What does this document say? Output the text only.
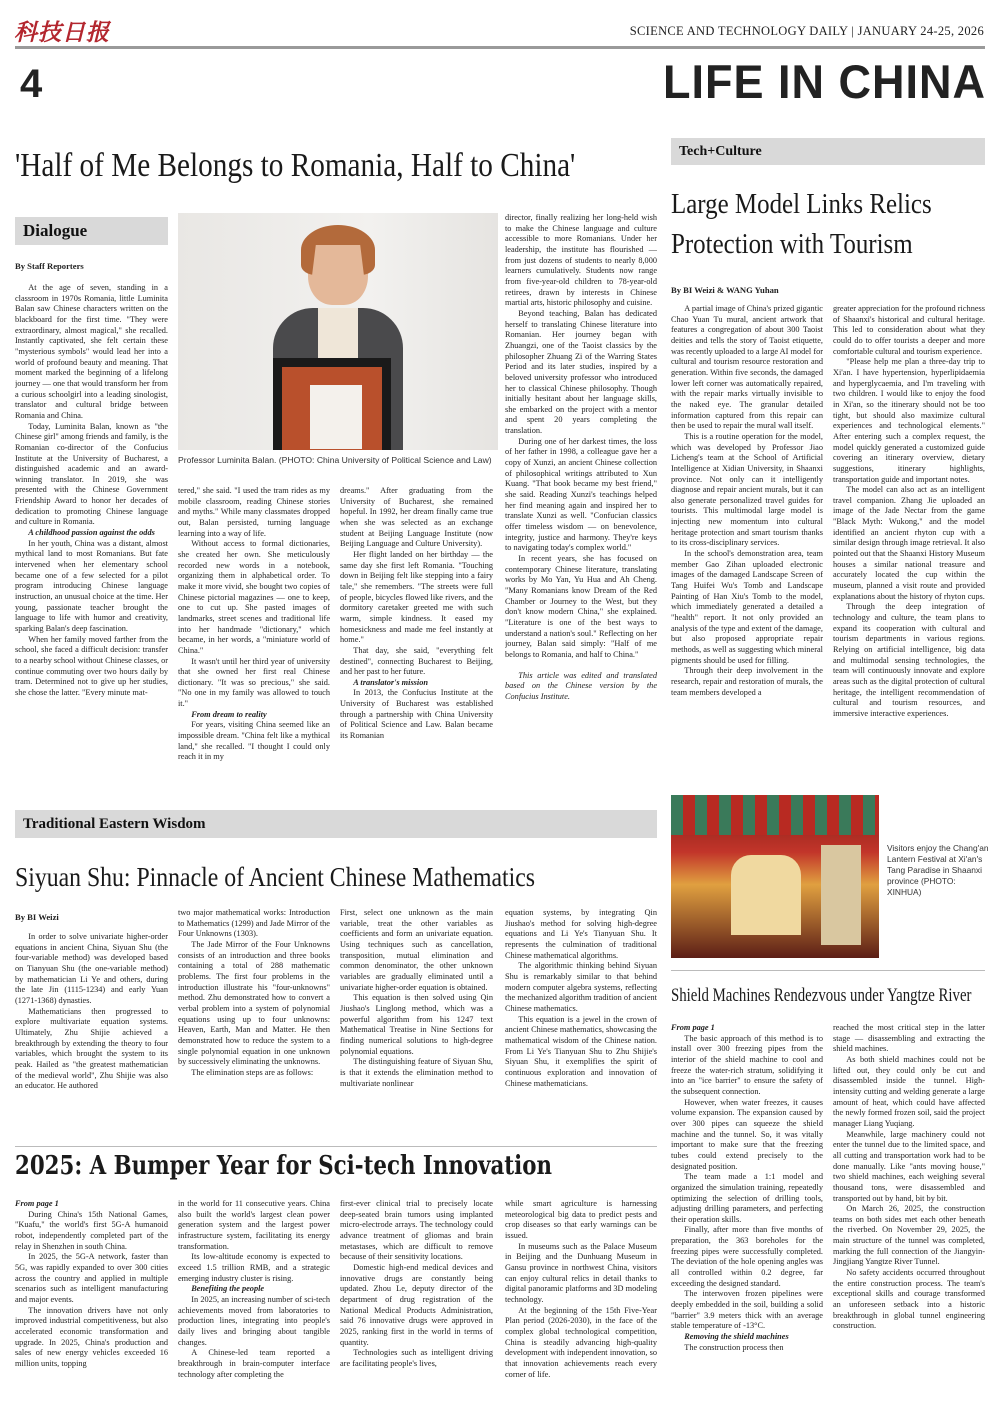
科技日报	SCIENCE AND TECHNOLOGY DAILY | JANUARY 24-25, 2026
4	LIFE IN CHINA
'Half of Me Belongs to Romania, Half to China'
Dialogue
By Staff Reporters
Professor Luminita Balan. (PHOTO: China University of Political Science and Law)

At the age of seven, standing in a classroom in 1970s Romania, little Luminita Balan saw Chinese characters written on the blackboard for the first time. "They were extraordinary, almost magical," she recalled. Instantly captivated, she felt certain these "mysterious symbols" would lead her into a world of profound beauty and meaning. That moment marked the beginning of a lifelong journey — one that would transform her from a curious schoolgirl into a leading sinologist, translator and cultural bridge between Romania and China.

Today, Luminita Balan, known as "the Chinese girl" among friends and family, is the Romanian co-director of the Confucius Institute at the University of Bucharest, a distinguished academic and an award-winning translator. In 2019, she was presented with the Chinese Government Friendship Award to honor her decades of dedication to promoting Chinese language and culture in Romania.

A childhood passion against the odds

In her youth, China was a distant, almost mythical land to most Romanians. But fate intervened when her elementary school became one of a few selected for a pilot program introducing Chinese language instruction, an unusual choice at the time. Her young, passionate teacher brought the language to life with humor and creativity, sparking Balan's deep fascination.

When her family moved farther from the school, she faced a difficult decision: transfer to a nearby school without Chinese classes, or continue commuting over two hours daily by tram. Determined not to give up her studies, she chose the latter. "Every minute mat-

tered," she said. "I used the tram rides as my mobile classroom, reading Chinese stories and myths." While many classmates dropped out, Balan persisted, turning language learning into a way of life.

Without access to formal dictionaries, she created her own. She meticulously recorded new words in a notebook, organizing them in alphabetical order. To make it more vivid, she bought two copies of Chinese pictorial magazines — one to keep, one to cut up. She pasted images of landmarks, street scenes and traditional life into her handmade "dictionary," which became, in her words, a "miniature world of China."

It wasn't until her third year of university that she owned her first real Chinese dictionary. "It was so precious," she said. "No one in my family was allowed to touch it."

From dream to reality

For years, visiting China seemed like an impossible dream. "China felt like a mythical land," she recalled. "I thought I could only reach it in my

dreams." After graduating from the University of Bucharest, she remained hopeful. In 1992, her dream finally came true when she was selected as an exchange student at Beijing Language Institute (now Beijing Language and Culture University).

Her flight landed on her birthday — the same day she first left Romania. "Touching down in Beijing felt like stepping into a fairy tale," she remembers. "The streets were full of people, bicycles flowed like rivers, and the dormitory caretaker greeted me with such warm, simple kindness. It eased my homesickness and made me feel instantly at home."

That day, she said, "everything felt destined", connecting Bucharest to Beijing, and her past to her future.

A translator's mission

In 2013, the Confucius Institute at the University of Bucharest was established through a partnership with China University of Political Science and Law. Balan became its Romanian

director, finally realizing her long-held wish to make the Chinese language and culture accessible to more Romanians. Under her leadership, the institute has flourished — from just dozens of students to nearly 8,000 learners cumulatively. Students now range from five-year-old children to 78-year-old retirees, drawn by interests in Chinese martial arts, historic philosophy and cuisine.

Beyond teaching, Balan has dedicated herself to translating Chinese literature into Romanian. Her journey began with Zhuangzi, one of the Taoist classics by the philosopher Zhuang Zi of the Warring States Period and its later studies, inspired by a beloved university professor who introduced her to classical Chinese philosophy. Though initially hesitant about her language skills, she embarked on the project with a mentor and spent 20 years completing the translation.

During one of her darkest times, the loss of her father in 1998, a colleague gave her a copy of Xunzi, an ancient Chinese collection of philosophical writings attributed to Xun Kuang. "That book became my best friend," she said. Reading Xunzi's teachings helped her find meaning again and inspired her to translate Xunzi as well. "Confucian classics offer timeless wisdom — on benevolence, integrity, justice and harmony. They're keys to navigating today's complex world."

In recent years, she has focused on contemporary Chinese literature, translating works by Mo Yan, Yu Hua and Ah Cheng. "Many Romanians know Dream of the Red Chamber or Journey to the West, but they don't know modern China," she explained. "Literature is one of the best ways to understand a nation's soul." Reflecting on her journey, Balan said simply: "Half of me belongs to Romania, and half to China."

This article was edited and translated based on the Chinese version by the Confucius Institute.

Tech+Culture
Large Model Links Relics Protection with Tourism
By BI Weizi & WANG Yuhan

A partial image of China's prized gigantic Chao Yuan Tu mural, ancient artwork that features a congregation of about 300 Taoist deities and tells the story of Taoist etiquette, was recently uploaded to a large AI model for cultural and tourism resource restoration and generation. Within five seconds, the damaged lower left corner was automatically repaired, with the repair marks virtually invisible to the naked eye. The granular detailed information captured from this repair can then be used to repair the mural wall itself.

This is a routine operation for the model, which was developed by Professor Jiao Licheng's team at the School of Artificial Intelligence at Xidian University, in Shaanxi province. Not only can it intelligently diagnose and repair ancient murals, but it can also generate personalized travel guides for tourists. This multimodal large model is injecting new momentum into cultural heritage protection and smart tourism thanks to its cross-disciplinary services.

In the school's demonstration area, team member Gao Zihan uploaded electronic images of the damaged Landscape Screen of Tang Huifei Wu's Tomb and Landscape Painting of Han Xiu's Tomb to the model, which immediately generated a detailed a "health" report. It not only provided an analysis of the type and extent of the damage, but also proposed appropriate repair methods, as well as suggesting which mineral pigments should be used for filling.

Through their deep involvement in the research, repair and restoration of murals, the team members developed a

greater appreciation for the profound richness of Shaanxi's historical and cultural heritage. This led to consideration about what they could do to offer tourists a deeper and more comfortable cultural and tourism experience.

"Please help me plan a three-day trip to Xi'an. I have hypertension, hyperlipidaemia and hyperglycaemia, and I'm traveling with two children. I would like to enjoy the food in Xi'an, so the itinerary should not be too tight, but should also maximize cultural experiences and technological elements." After entering such a complex request, the model quickly generated a customized guide covering an itinerary overview, dietary suggestions, itinerary highlights, transportation guide and important notes.

The model can also act as an intelligent travel companion. Zhang Jie uploaded an image of the Jade Nectar from the game "Black Myth: Wukong," and the model identified an ancient rhyton cup with a similar design through image retrieval. It also pointed out that the Shaanxi History Museum houses a similar national treasure and accurately located the cup within the museum, planned a visit route and provided explanations about the history of rhyton cups.

Through the deep integration of technology and culture, the team plans to expand its cooperation with cultural and tourism departments in various regions. Relying on artificial intelligence, big data and multimodal sensing technologies, the team will continuously innovate and explore areas such as the digital protection of cultural heritage, the intelligent recommendation of cultural and tourism resources, and immersive interactive experiences.

Visitors enjoy the Chang'an Lantern Festival at Xi'an's Tang Paradise in Shaanxi province (PHOTO: XINHUA)
Traditional Eastern Wisdom
Siyuan Shu: Pinnacle of Ancient Chinese Mathematics
By BI Weizi

In order to solve univariate higher-order equations in ancient China, Siyuan Shu (the four-variable method) was developed based on Tianyuan Shu (the one-variable method) by mathematician Li Ye and others, during the late Jin (1115-1234) and early Yuan (1271-1368) dynasties.

Mathematicians then progressed to explore multivariate equation systems. Ultimately, Zhu Shijie achieved a breakthrough by extending the theory to four variables, which brought the system to its peak. Hailed as "the greatest mathematician of the medieval world", Zhu Shijie was also an educator. He authored

two major mathematical works: Introduction to Mathematics (1299) and Jade Mirror of the Four Unknowns (1303).

The Jade Mirror of the Four Unknowns consists of an introduction and three books containing a total of 288 mathematic problems. The first four problems in the introduction illustrate his "four-unknowns" method. Zhu demonstrated how to convert a verbal problem into a system of polynomial equations using up to four unknowns: Heaven, Earth, Man and Matter. He then demonstrated how to reduce the system to a single polynomial equation in one unknown by successively eliminating the unknowns.

The elimination steps are as follows:

First, select one unknown as the main variable, treat the other variables as coefficients and form an univariate equation. Using techniques such as cancellation, transposition, mutual elimination and common denominator, the other unknown variables are gradually eliminated until a univariate higher-order equation is obtained.

This equation is then solved using Qin Jiushao's Linglong method, which was a powerful algorithm from his 1247 text Mathematical Treatise in Nine Sections for finding numerical solutions to high-degree polynomial equations.

The distinguishing feature of Siyuan Shu, is that it extends the elimination method to multivariate nonlinear

equation systems, by integrating Qin Jiushao's method for solving high-degree equations and Li Ye's Tianyuan Shu. It represents the culmination of traditional Chinese mathematical algorithms.

The algorithmic thinking behind Siyuan Shu is remarkably similar to that behind modern computer algebra systems, reflecting the mechanized algorithm tradition of ancient Chinese mathematics.

This equation is a jewel in the crown of ancient Chinese mathematics, showcasing the mathematical wisdom of the Chinese nation. From Li Ye's Tianyuan Shu to Zhu Shijie's Siyuan Shu, it exemplifies the spirit of continuous exploration and innovation of Chinese mathematicians.

Shield Machines Rendezvous under Yangtze River

From page 1

The basic approach of this method is to install over 300 freezing pipes from the interior of the shield machine to cool and freeze the water-rich stratum, solidifying it into an "ice barrier" to ensure the safety of the subsequent connection.

However, when water freezes, it causes volume expansion. The expansion caused by over 300 pipes can squeeze the shield machine and the tunnel. So, it was vitally important to make sure that the freezing tubes could extend precisely to the designated position.

The team made a 1:1 model and organized the simulation training, repeatedly optimizing the selection of drilling tools, adjusting drilling parameters, and perfecting their operation skills.

Finally, after more than five months of preparation, the 363 boreholes for the freezing pipes were successfully completed. The deviation of the hole opening angles was all controlled within 0.2 degree, far exceeding the designed standard.

The interwoven frozen pipelines were deeply embedded in the soil, building a solid "barrier" 3.9 meters thick with an average stable temperature of -13°C.

Removing the shield machines

The construction process then

reached the most critical step in the latter stage — disassembling and extracting the shield machines.

As both shield machines could not be lifted out, they could only be cut and disassembled inside the tunnel. High-intensity cutting and welding generate a large amount of heat, which could have affected the newly formed frozen soil, said the project manager Liang Yuqiang.

Meanwhile, large machinery could not enter the tunnel due to the limited space, and all cutting and transportation work had to be done manually. Like "ants moving house," two shield machines, each weighing several thousand tons, were disassembled and transported out by hand, bit by bit.

On March 26, 2025, the construction teams on both sides met each other beneath the riverbed. On November 29, 2025, the main structure of the tunnel was completed, marking the full connection of the Jiangyin-Jingjiang Yangtze River Tunnel.

No safety accidents occurred throughout the entire construction process. The team's exceptional skills and courage transformed an unforeseen setback into a historic breakthrough in global tunnel engineering construction.

2025: A Bumper Year for Sci-tech Innovation

From page 1

During China's 15th National Games, "Kuafu," the world's first 5G-A humanoid robot, independently completed part of the relay in Shenzhen in south China.

In 2025, the 5G-A network, faster than 5G, was rapidly expanded to over 300 cities across the country and applied in multiple scenarios such as intelligent manufacturing and major events.

The innovation drivers have not only improved industrial competitiveness, but also accelerated economic transformation and upgrade. In 2025, China's production and sales of new energy vehicles exceeded 16 million units, topping

in the world for 11 consecutive years. China also built the world's largest clean power generation system and the largest power infrastructure system, facilitating its energy transformation.

Its low-altitude economy is expected to exceed 1.5 trillion RMB, and a strategic emerging industry cluster is rising.

Benefiting the people

In 2025, an increasing number of sci-tech achievements moved from laboratories to production lines, integrating into people's daily lives and bringing about tangible changes.

A Chinese-led team reported a breakthrough in brain-computer interface technology after completing the

first-ever clinical trial to precisely locate deep-seated brain tumors using implanted micro-electrode arrays. The technology could advance treatment of gliomas and brain metastases, which are difficult to remove because of their sensitivity locations.

Domestic high-end medical devices and innovative drugs are constantly being updated. Zhou Le, deputy director of the department of drug registration of the National Medical Products Administration, said 76 innovative drugs were approved in 2025, ranking first in the world in terms of quantity.

Technologies such as intelligent driving are facilitating people's lives,

while smart agriculture is harnessing meteorological big data to predict pests and crop diseases so that early warnings can be issued.

In museums such as the Palace Museum in Beijing and the Dunhuang Museum in Gansu province in northwest China, visitors can enjoy cultural relics in detail thanks to digital panoramic platforms and 3D modeling technology.

At the beginning of the 15th Five-Year Plan period (2026-2030), in the face of the complex global technological competition, China is steadily advancing high-quality development with independent innovation, so that innovation achievements reach every corner of life.
